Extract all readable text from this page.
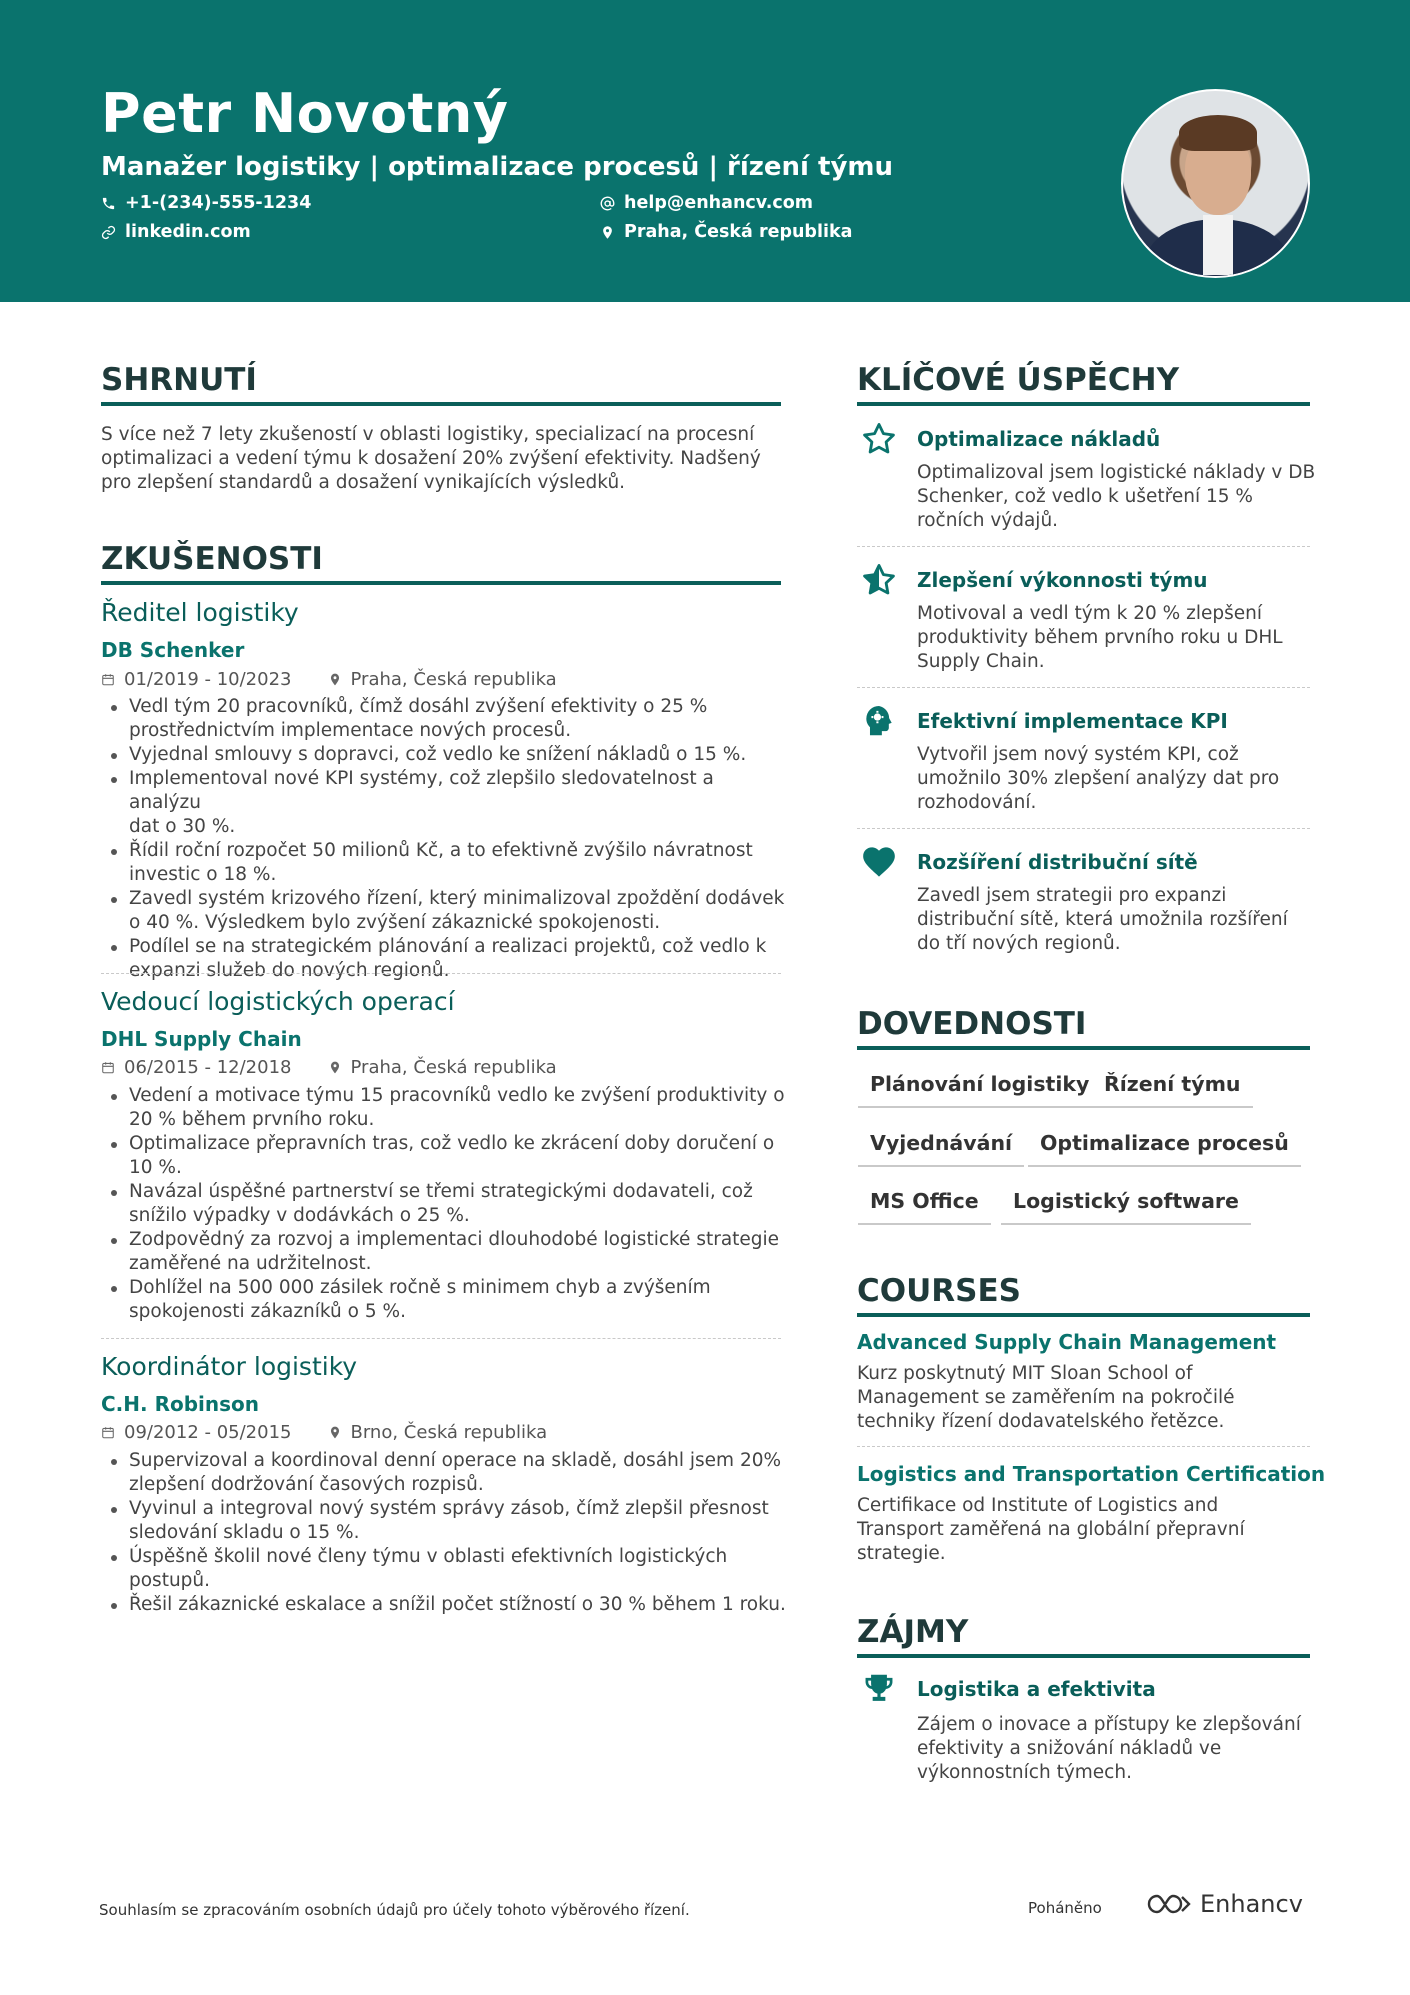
Petr Novotný
Manažer logistiky | optimalizace procesů | řízení týmu
+1-(234)-555-1234	help@enhancv.com
linkedin.com	Praha, Česká republika
SHRNUTÍ
S více než 7 lety zkušeností v oblasti logistiky, specializací na procesní
optimalizaci a vedení týmu k dosažení 20% zvýšení efektivity. Nadšený
pro zlepšení standardů a dosažení vynikajících výsledků.
ZKUŠENOSTI
Ředitel logistiky
DB Schenker
01/2019 - 10/2023	Praha, Česká republika
Vedl tým 20 pracovníků, čímž dosáhl zvýšení efektivity o 25 %
prostřednictvím implementace nových procesů.
Vyjednal smlouvy s dopravci, což vedlo ke snížení nákladů o 15 %.
Implementoval nové KPI systémy, což zlepšilo sledovatelnost a analýzu
dat o 30 %.
Řídil roční rozpočet 50 milionů Kč, a to efektivně zvýšilo návratnost
investic o 18 %.
Zavedl systém krizového řízení, který minimalizoval zpoždění dodávek
o 40 %. Výsledkem bylo zvýšení zákaznické spokojenosti.
Podílel se na strategickém plánování a realizaci projektů, což vedlo k
expanzi služeb do nových regionů.
Vedoucí logistických operací
DHL Supply Chain
06/2015 - 12/2018	Praha, Česká republika
Vedení a motivace týmu 15 pracovníků vedlo ke zvýšení produktivity o
20 % během prvního roku.
Optimalizace přepravních tras, což vedlo ke zkrácení doby doručení o
10 %.
Navázal úspěšné partnerství se třemi strategickými dodavateli, což
snížilo výpadky v dodávkách o 25 %.
Zodpovědný za rozvoj a implementaci dlouhodobé logistické strategie
zaměřené na udržitelnost.
Dohlížel na 500 000 zásilek ročně s minimem chyb a zvýšením
spokojenosti zákazníků o 5 %.
Koordinátor logistiky
C.H. Robinson
09/2012 - 05/2015	Brno, Česká republika
Supervizoval a koordinoval denní operace na skladě, dosáhl jsem 20%
zlepšení dodržování časových rozpisů.
Vyvinul a integroval nový systém správy zásob, čímž zlepšil přesnost
sledování skladu o 15 %.
Úspěšně školil nové členy týmu v oblasti efektivních logistických
postupů.
Řešil zákaznické eskalace a snížil počet stížností o 30 % během 1 roku.
KLÍČOVÉ ÚSPĚCHY
Optimalizace nákladů
Optimalizoval jsem logistické náklady v DB
Schenker, což vedlo k ušetření 15 %
ročních výdajů.
Zlepšení výkonnosti týmu
Motivoval a vedl tým k 20 % zlepšení
produktivity během prvního roku u DHL
Supply Chain.
Efektivní implementace KPI
Vytvořil jsem nový systém KPI, což
umožnilo 30% zlepšení analýzy dat pro
rozhodování.
Rozšíření distribuční sítě
Zavedl jsem strategii pro expanzi
distribuční sítě, která umožnila rozšíření
do tří nových regionů.
DOVEDNOSTI
Plánování logistiky Řízení týmu
Vyjednávání	Optimalizace procesů
MS Office	Logistický software
COURSES
Advanced Supply Chain Management
Kurz poskytnutý MIT Sloan School of
Management se zaměřením na pokročilé
techniky řízení dodavatelského řetězce.
Logistics and Transportation Certification
Certifikace od Institute of Logistics and
Transport zaměřená na globální přepravní
strategie.
ZÁJMY
Logistika a efektivita
Zájem o inovace a přístupy ke zlepšování
efektivity a snižování nákladů ve
výkonnostních týmech.
Souhlasím se zpracováním osobních údajů pro účely tohoto výběrového řízení.	Poháněno	Enhancv
